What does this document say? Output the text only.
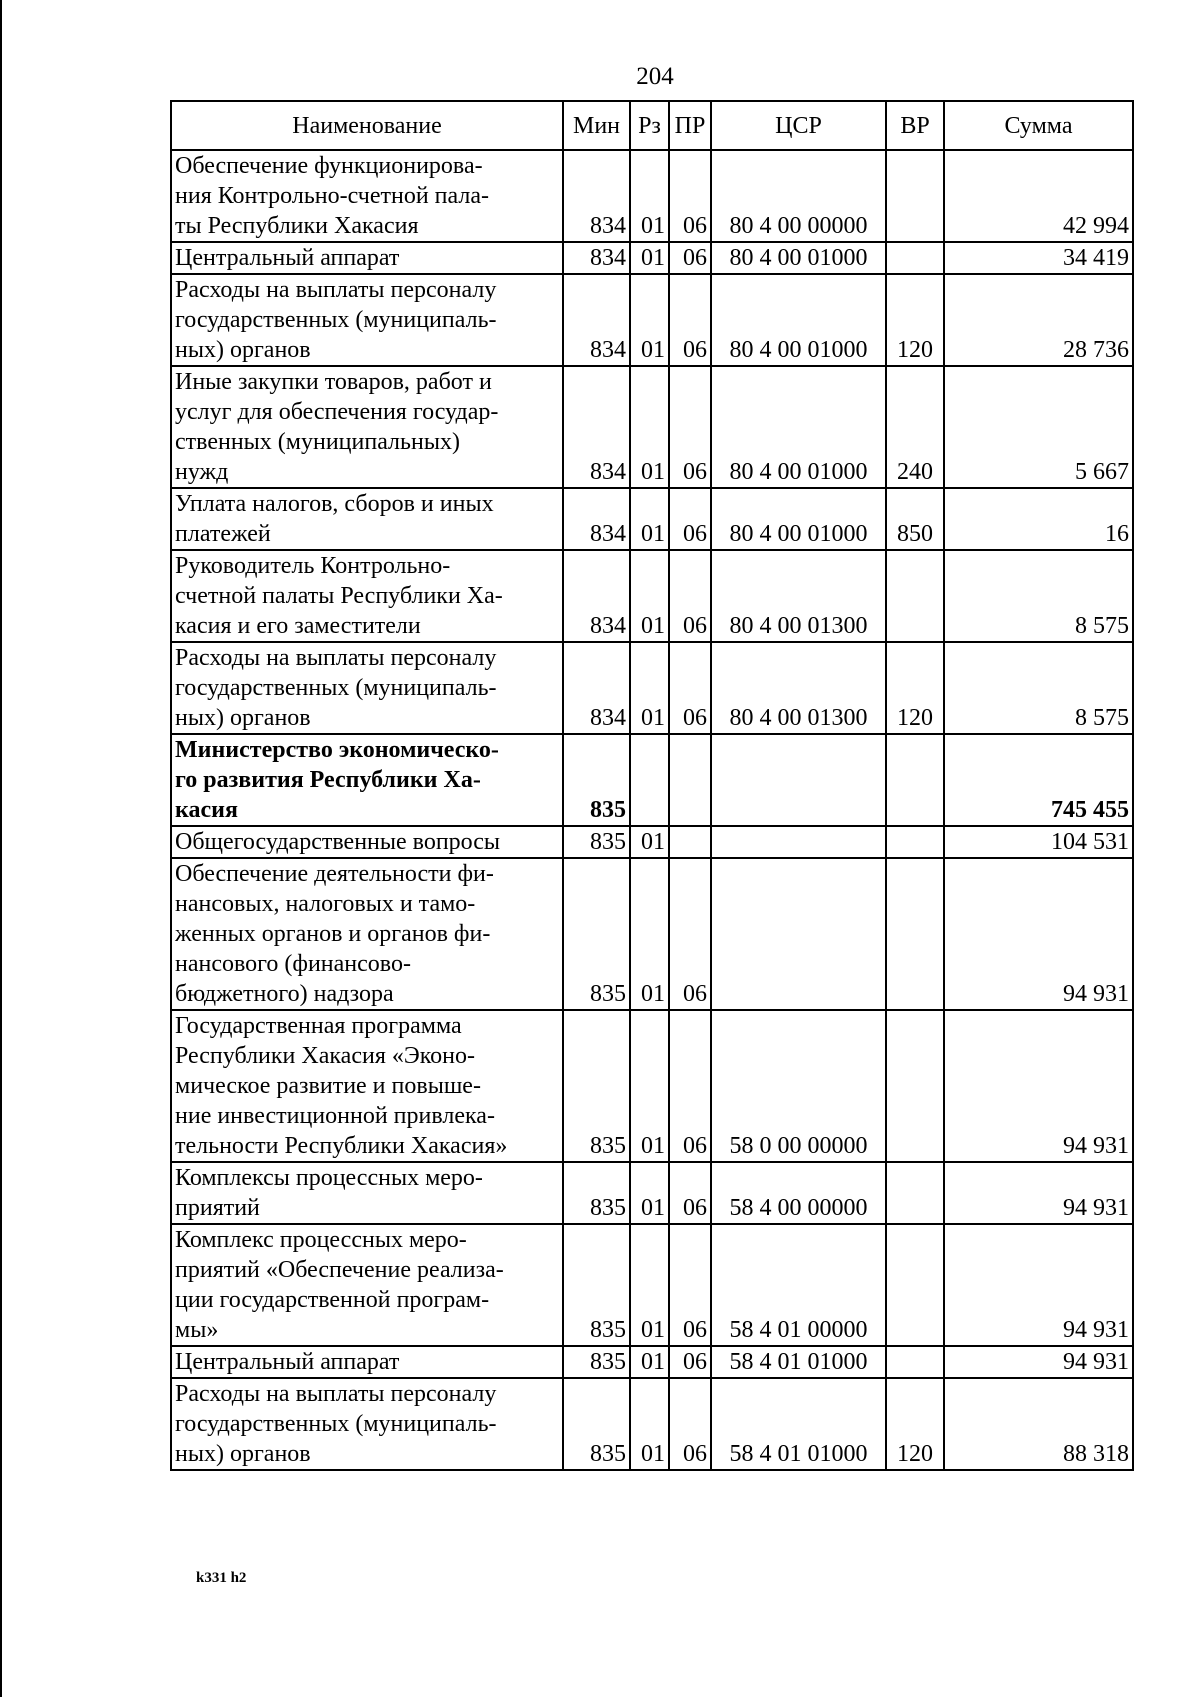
204
Наименование	Мин	Рз	ПР	ЦСР	ВР	Сумма

Обеспечение функционирова-
ния Контрольно-счетной пала-
ты Республики Хакасия	834	01	06	80 4 00 00000		42 994

Центральный аппарат	834	01	06	80 4 00 01000		34 419

Расходы на выплаты персоналу
государственных (муниципаль-
ных) органов	834	01	06	80 4 00 01000	120	28 736

Иные закупки товаров, работ и
услуг для обеспечения государ-
ственных (муниципальных)
нужд	834	01	06	80 4 00 01000	240	5 667

Уплата налогов, сборов и иных
платежей	834	01	06	80 4 00 01000	850	16

Руководитель Контрольно-
счетной палаты Республики Ха-
касия и его заместители	834	01	06	80 4 00 01300		8 575

Расходы на выплаты персоналу
государственных (муниципаль-
ных) органов	834	01	06	80 4 00 01300	120	8 575

Министерство экономическо-
го развития Республики Ха-
касия	835					745 455

Общегосударственные вопросы	835	01				104 531

Обеспечение деятельности фи-
нансовых, налоговых и тамо-
женных органов и органов фи-
нансового (финансово-
бюджетного) надзора	835	01	06			94 931

Государственная программа
Республики Хакасия «Эконо-
мическое развитие и повыше-
ние инвестиционной привлека-
тельности Республики Хакасия»	835	01	06	58 0 00 00000		94 931

Комплексы процессных меро-
приятий	835	01	06	58 4 00 00000		94 931

Комплекс процессных меро-
приятий «Обеспечение реализа-
ции государственной програм-
мы»	835	01	06	58 4 01 00000		94 931

Центральный аппарат	835	01	06	58 4 01 01000		94 931

Расходы на выплаты персоналу
государственных (муниципаль-
ных) органов	835	01	06	58 4 01 01000	120	88 318
k331 h2
